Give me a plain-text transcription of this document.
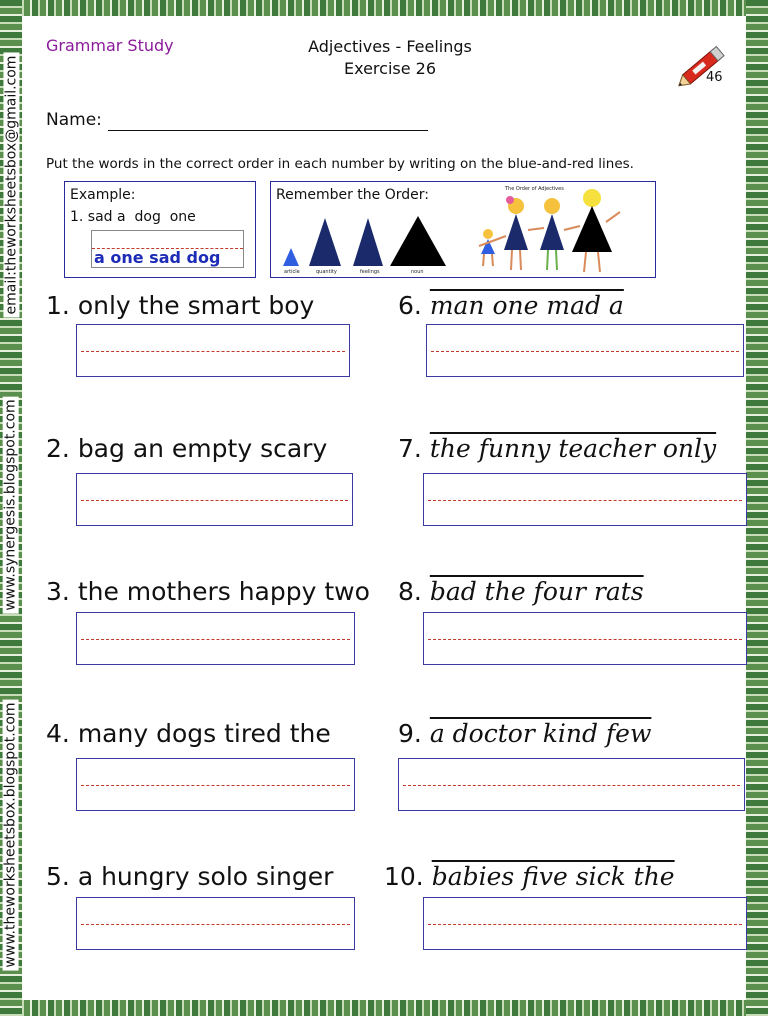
email:theworksheetsbox@gmail.com
www.synergesis.blogspot.com
www.theworksheetsbox.blogspot.com
Grammar Study	Adjectives - Feelings
Exercise 26	46
Name:
Put the words in the correct order in each number by writing on the blue-and-red lines.
Example:
1. sad a  dog  one
a one sad dog
Remember the Order:
article	quantity	feelings	noun
The Order of Adjectives
1. only the smart boy
2. bag an empty scary
3. the mothers happy two
4. many dogs tired the
5. a hungry solo singer
6. man one mad a
7. the funny teacher only
8. bad the four rats
9. a doctor kind few
10. babies five sick the
